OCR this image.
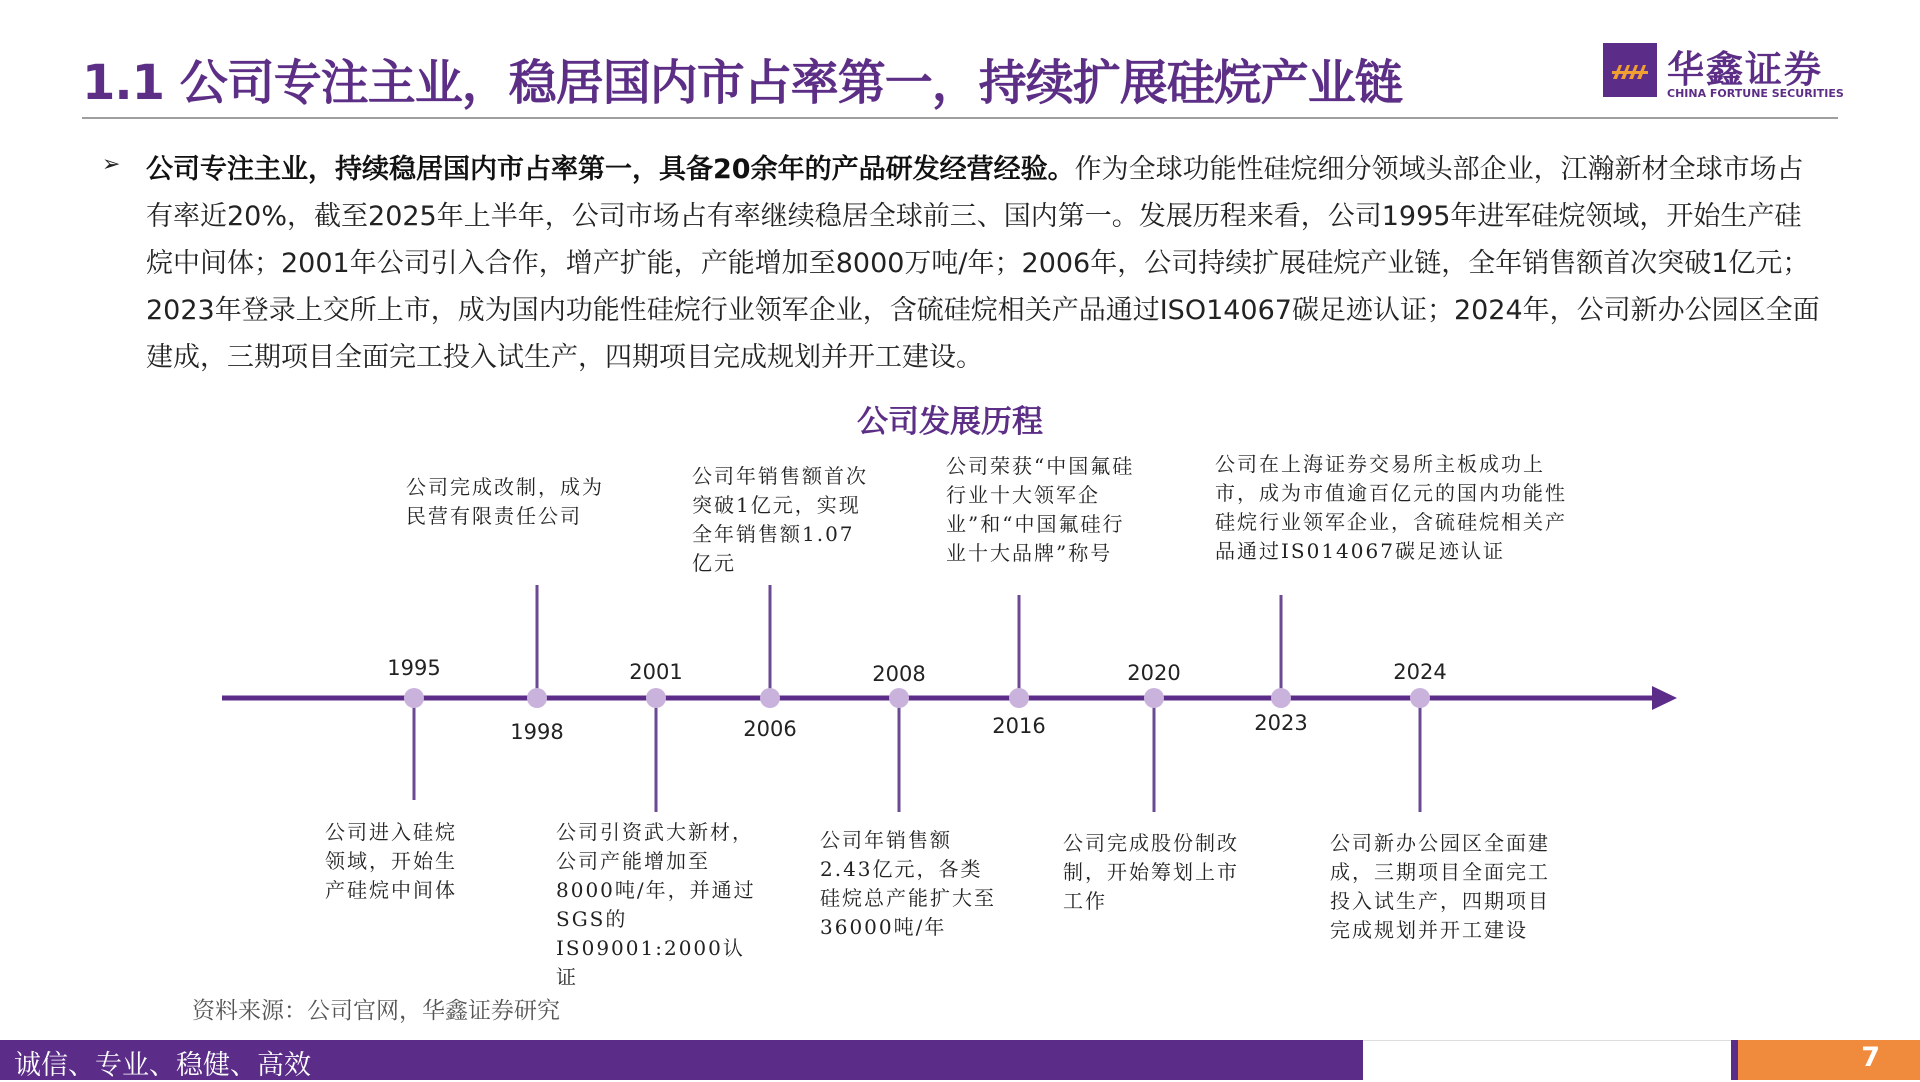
1.1 公司专注主业，稳居国内市占率第一，持续扩展硅烷产业链	华鑫证券
CHINA FORTUNE SECURITIES
➢ 公司专注主业，持续稳居国内市占率第一，具备20余年的产品研发经营经验。作为全球功能性硅烷细分领域头部企业，江瀚新材全球市场占有率近20%，截至2025年上半年，公司市场占有率继续稳居全球前三、国内第一。发展历程来看，公司1995年进军硅烷领域，开始生产硅烷中间体；2001年公司引入合作，增产扩能，产能增加至8000万吨/年；2006年，公司持续扩展硅烷产业链，全年销售额首次突破1亿元；2023年登录上交所上市，成为国内功能性硅烷行业领军企业，含硫硅烷相关产品通过ISO14067碳足迹认证；2024年，公司新办公园区全面建成，三期项目全面完工投入试生产，四期项目完成规划并开工建设。
公司发展历程
1995
1998
2001
2006
2008
2016
2020
2023
2024
公司进入硅烷领域，开始生产硅烷中间体
公司完成改制，成为民营有限责任公司
公司引资武大新材，公司产能增加至8000吨/年，并通过SGS的IS09001:2000认证
公司年销售额首次突破1亿元，实现全年销售额1.07亿元
公司年销售额2.43亿元，各类硅烷总产能扩大至36000吨/年
公司荣获“中国氟硅行业十大领军企业”和“中国氟硅行业十大品牌”称号
公司完成股份制改制，开始筹划上市工作
公司在上海证券交易所主板成功上市，成为市值逾百亿元的国内功能性硅烷行业领军企业，含硫硅烷相关产品通过IS014067碳足迹认证
公司新办公园区全面建成，三期项目全面完工投入试生产，四期项目完成规划并开工建设
资料来源：公司官网，华鑫证券研究
诚信、专业、稳健、高效	7
